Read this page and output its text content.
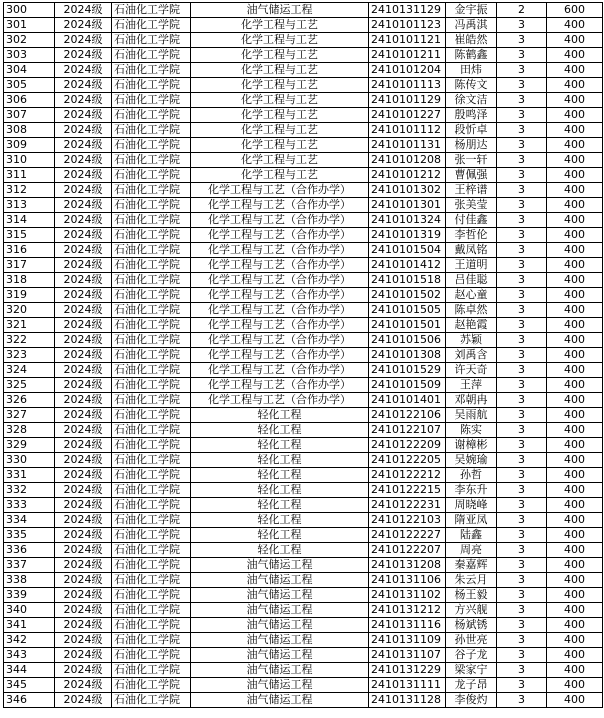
300	2024级	石油化工学院	油气储运工程	2410131129	金宇振	2	600
301	2024级	石油化工学院	化学工程与工艺	2410101123	冯禹淇	3	400
302	2024级	石油化工学院	化学工程与工艺	2410101121	崔皓然	3	400
303	2024级	石油化工学院	化学工程与工艺	2410101211	陈鹤鑫	3	400
304	2024级	石油化工学院	化学工程与工艺	2410101204	田炜	3	400
305	2024级	石油化工学院	化学工程与工艺	2410101113	陈传文	3	400
306	2024级	石油化工学院	化学工程与工艺	2410101129	徐文洁	3	400
307	2024级	石油化工学院	化学工程与工艺	2410101227	殷鸣泽	3	400
308	2024级	石油化工学院	化学工程与工艺	2410101112	段忻卓	3	400
309	2024级	石油化工学院	化学工程与工艺	2410101131	杨朋达	3	400
310	2024级	石油化工学院	化学工程与工艺	2410101208	张一轩	3	400
311	2024级	石油化工学院	化学工程与工艺	2410101212	曹佩强	3	400
312	2024级	石油化工学院	化学工程与工艺（合作办学）	2410101302	王梓谱	3	400
313	2024级	石油化工学院	化学工程与工艺（合作办学）	2410101301	张美莹	3	400
314	2024级	石油化工学院	化学工程与工艺（合作办学）	2410101324	付佳鑫	3	400
315	2024级	石油化工学院	化学工程与工艺（合作办学）	2410101319	李哲伦	3	400
316	2024级	石油化工学院	化学工程与工艺（合作办学）	2410101504	戴凤铭	3	400
317	2024级	石油化工学院	化学工程与工艺（合作办学）	2410101412	王道明	3	400
318	2024级	石油化工学院	化学工程与工艺（合作办学）	2410101518	吕佳聪	3	400
319	2024级	石油化工学院	化学工程与工艺（合作办学）	2410101502	赵心童	3	400
320	2024级	石油化工学院	化学工程与工艺（合作办学）	2410101505	陈卓然	3	400
321	2024级	石油化工学院	化学工程与工艺（合作办学）	2410101501	赵艳霞	3	400
322	2024级	石油化工学院	化学工程与工艺（合作办学）	2410101506	苏颖	3	400
323	2024级	石油化工学院	化学工程与工艺（合作办学）	2410101308	刘禹含	3	400
324	2024级	石油化工学院	化学工程与工艺（合作办学）	2410101529	许天奇	3	400
325	2024级	石油化工学院	化学工程与工艺（合作办学）	2410101509	王萍	3	400
326	2024级	石油化工学院	化学工程与工艺（合作办学）	2410101401	邓朝冉	3	400
327	2024级	石油化工学院	轻化工程	2410122106	吴雨航	3	400
328	2024级	石油化工学院	轻化工程	2410122107	陈实	3	400
329	2024级	石油化工学院	轻化工程	2410122209	谢樟彬	3	400
330	2024级	石油化工学院	轻化工程	2410122205	吴婉瑜	3	400
331	2024级	石油化工学院	轻化工程	2410122212	孙哲	3	400
332	2024级	石油化工学院	轻化工程	2410122215	李东升	3	400
333	2024级	石油化工学院	轻化工程	2410122231	周晓峰	3	400
334	2024级	石油化工学院	轻化工程	2410122103	隋亚凤	3	400
335	2024级	石油化工学院	轻化工程	2410122227	陆鑫	3	400
336	2024级	石油化工学院	轻化工程	2410122207	周亮	3	400
337	2024级	石油化工学院	油气储运工程	2410131208	秦嘉辉	3	400
338	2024级	石油化工学院	油气储运工程	2410131106	朱云月	3	400
339	2024级	石油化工学院	油气储运工程	2410131102	杨王毅	3	400
340	2024级	石油化工学院	油气储运工程	2410131212	方兴舰	3	400
341	2024级	石油化工学院	油气储运工程	2410131116	杨斌锈	3	400
342	2024级	石油化工学院	油气储运工程	2410131109	孙世亮	3	400
343	2024级	石油化工学院	油气储运工程	2410131107	谷子龙	3	400
344	2024级	石油化工学院	油气储运工程	2410131229	梁家宁	3	400
345	2024级	石油化工学院	油气储运工程	2410131111	龙子昂	3	400
346	2024级	石油化工学院	油气储运工程	2410131128	李俊灼	3	400
